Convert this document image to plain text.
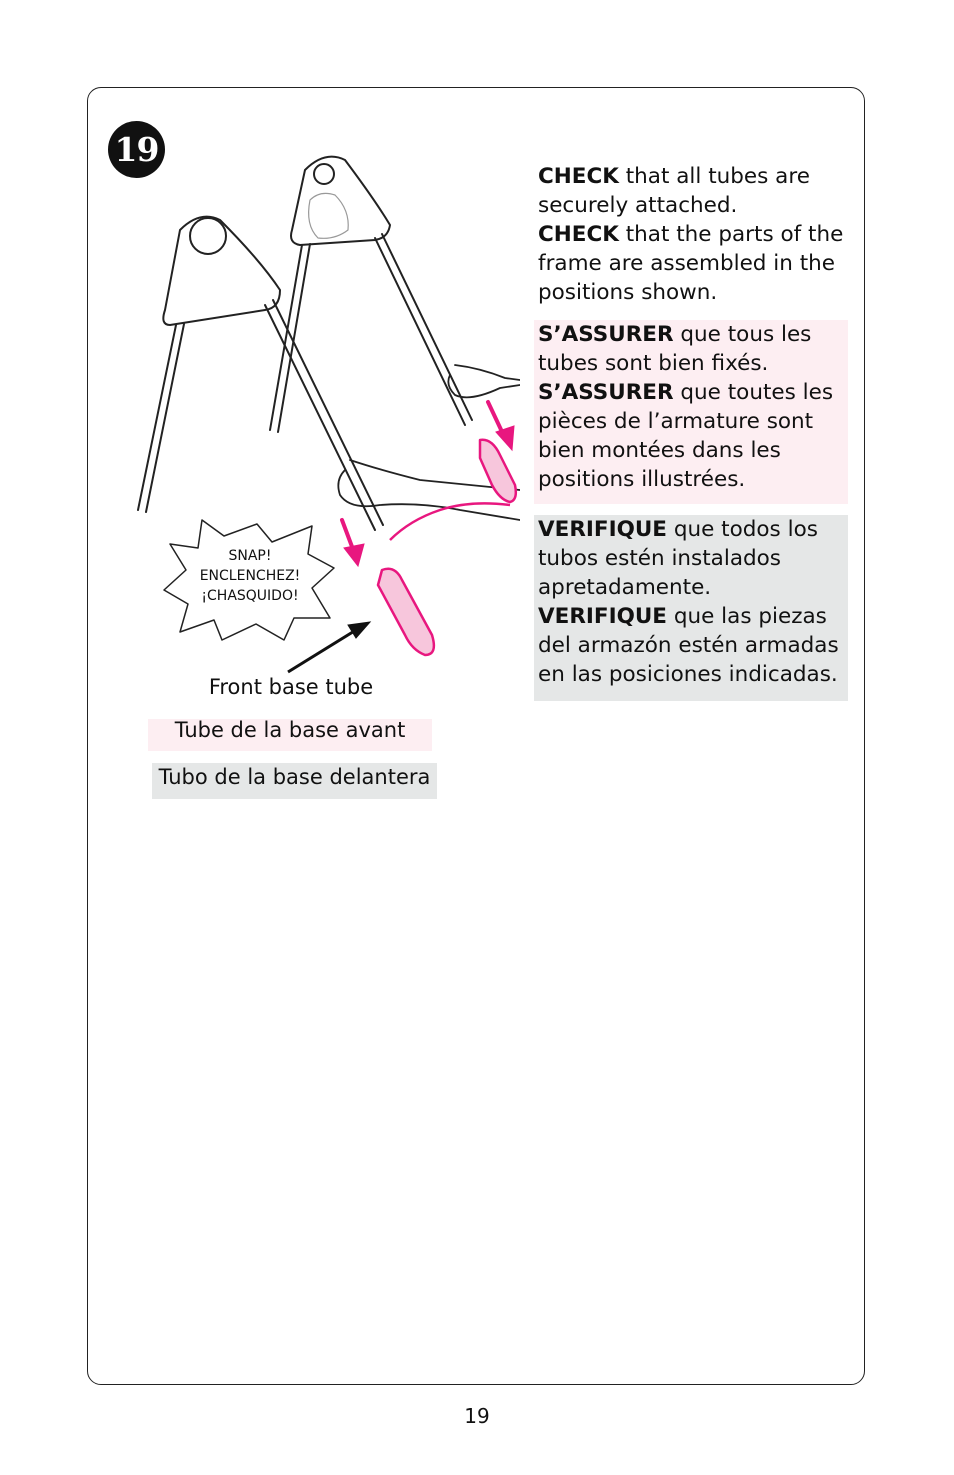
19
SNAP!
ENCLENCHEZ!
¡CHASQUIDO!
CHECK that all tubes are securely attached.
CHECK that the parts of the frame are assembled in the positions shown.
S’ASSURER que tous les tubes sont bien fixés.
S’ASSURER que toutes les pièces de l’armature sont bien montées dans les positions illustrées.
VERIFIQUE que todos los tubos estén instalados apretadamente.
VERIFIQUE que las piezas del armazón estén armadas en las posiciones indicadas.
Front base tube
Tube de la base avant
Tubo de la base delantera
19
